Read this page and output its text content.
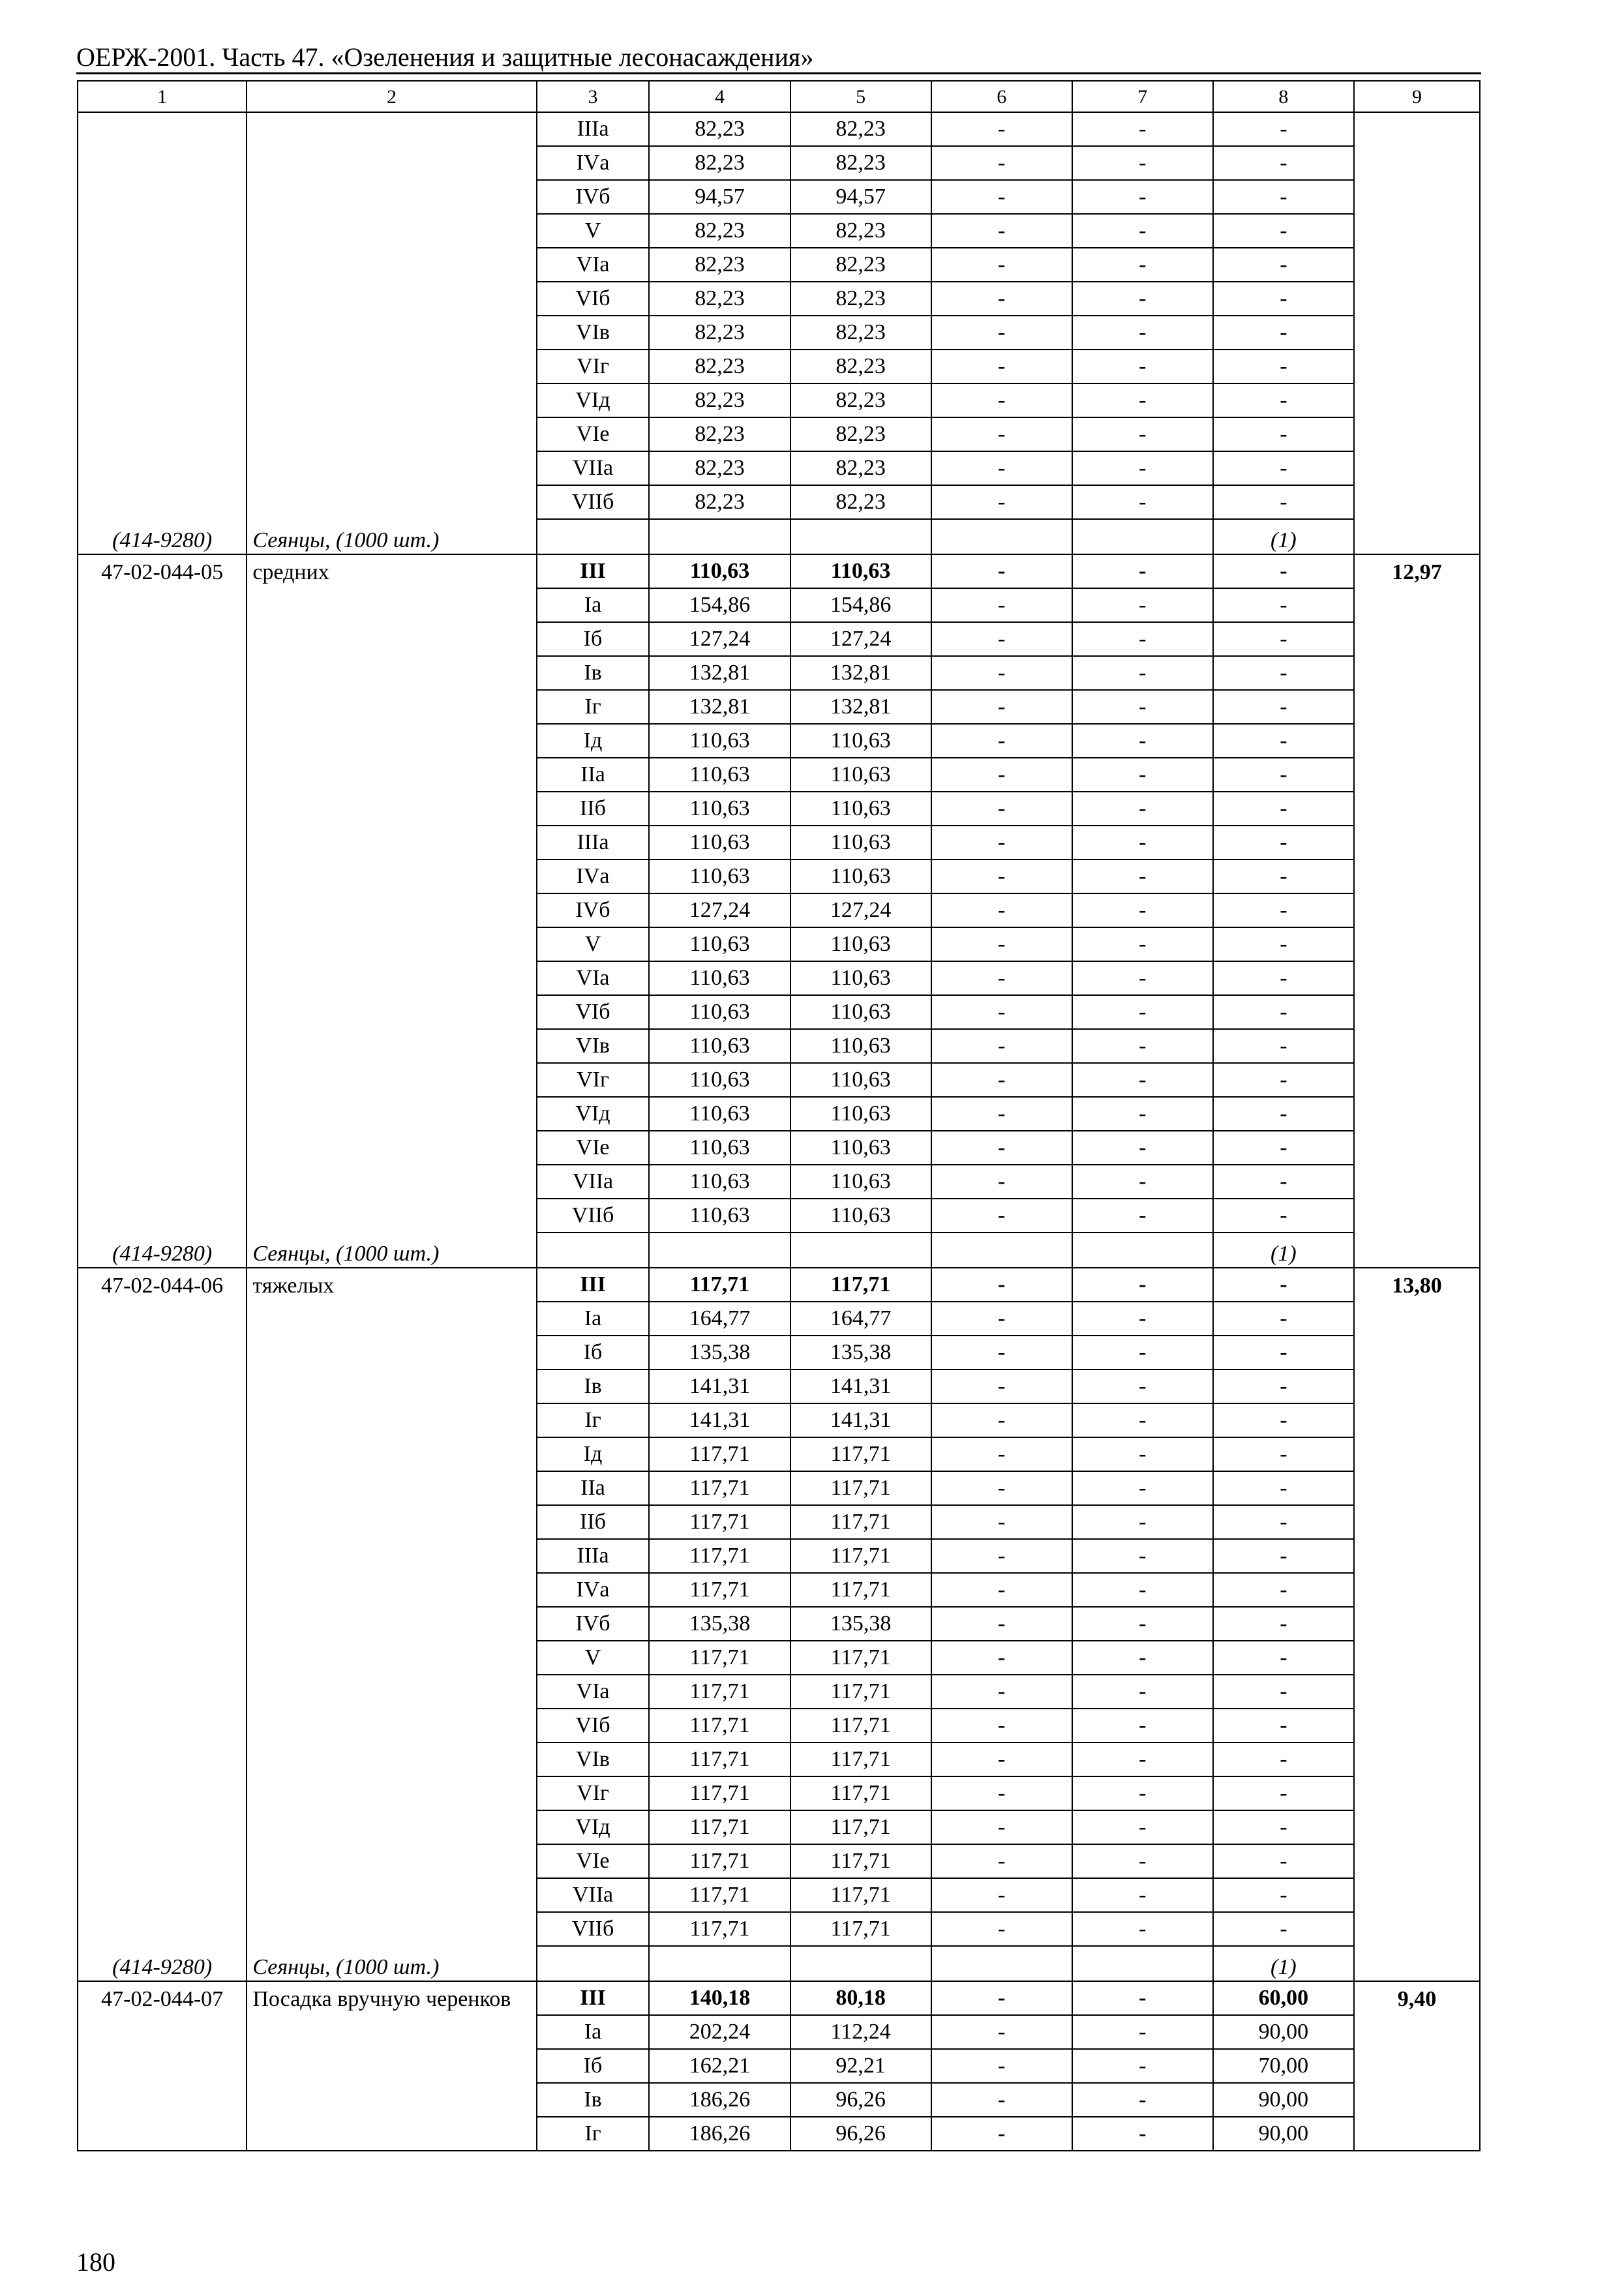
ОЕРЖ-2001. Часть 47. «Озеленения и защитные лесонасаждения»
1	2	3	4	5	6	7	8	9
		IIIа	82,23	82,23	-	-	-	
		IVа	82,23	82,23	-	-	-	
		IVб	94,57	94,57	-	-	-	
		V	82,23	82,23	-	-	-	
		VIа	82,23	82,23	-	-	-	
		VIб	82,23	82,23	-	-	-	
		VIв	82,23	82,23	-	-	-	
		VIг	82,23	82,23	-	-	-	
		VIд	82,23	82,23	-	-	-	
		VIе	82,23	82,23	-	-	-	
		VIIа	82,23	82,23	-	-	-	
		VIIб	82,23	82,23	-	-	-	
(414-9280)	Сеянцы, (1000 шт.)						(1)	
47-02-044-05	средних	III	110,63	110,63	-	-	-	12,97
		Iа	154,86	154,86	-	-	-	
		Iб	127,24	127,24	-	-	-	
		Iв	132,81	132,81	-	-	-	
		Iг	132,81	132,81	-	-	-	
		Iд	110,63	110,63	-	-	-	
		IIа	110,63	110,63	-	-	-	
		IIб	110,63	110,63	-	-	-	
		IIIа	110,63	110,63	-	-	-	
		IVа	110,63	110,63	-	-	-	
		IVб	127,24	127,24	-	-	-	
		V	110,63	110,63	-	-	-	
		VIа	110,63	110,63	-	-	-	
		VIб	110,63	110,63	-	-	-	
		VIв	110,63	110,63	-	-	-	
		VIг	110,63	110,63	-	-	-	
		VIд	110,63	110,63	-	-	-	
		VIе	110,63	110,63	-	-	-	
		VIIа	110,63	110,63	-	-	-	
		VIIб	110,63	110,63	-	-	-	
(414-9280)	Сеянцы, (1000 шт.)						(1)	
47-02-044-06	тяжелых	III	117,71	117,71	-	-	-	13,80
		Iа	164,77	164,77	-	-	-	
		Iб	135,38	135,38	-	-	-	
		Iв	141,31	141,31	-	-	-	
		Iг	141,31	141,31	-	-	-	
		Iд	117,71	117,71	-	-	-	
		IIа	117,71	117,71	-	-	-	
		IIб	117,71	117,71	-	-	-	
		IIIа	117,71	117,71	-	-	-	
		IVа	117,71	117,71	-	-	-	
		IVб	135,38	135,38	-	-	-	
		V	117,71	117,71	-	-	-	
		VIа	117,71	117,71	-	-	-	
		VIб	117,71	117,71	-	-	-	
		VIв	117,71	117,71	-	-	-	
		VIг	117,71	117,71	-	-	-	
		VIд	117,71	117,71	-	-	-	
		VIе	117,71	117,71	-	-	-	
		VIIа	117,71	117,71	-	-	-	
		VIIб	117,71	117,71	-	-	-	
(414-9280)	Сеянцы, (1000 шт.)						(1)	
47-02-044-07	Посадка вручную черенков	III	140,18	80,18	-	-	60,00	9,40
		Iа	202,24	112,24	-	-	90,00	
		Iб	162,21	92,21	-	-	70,00	
		Iв	186,26	96,26	-	-	90,00	
		Iг	186,26	96,26	-	-	90,00	
180
